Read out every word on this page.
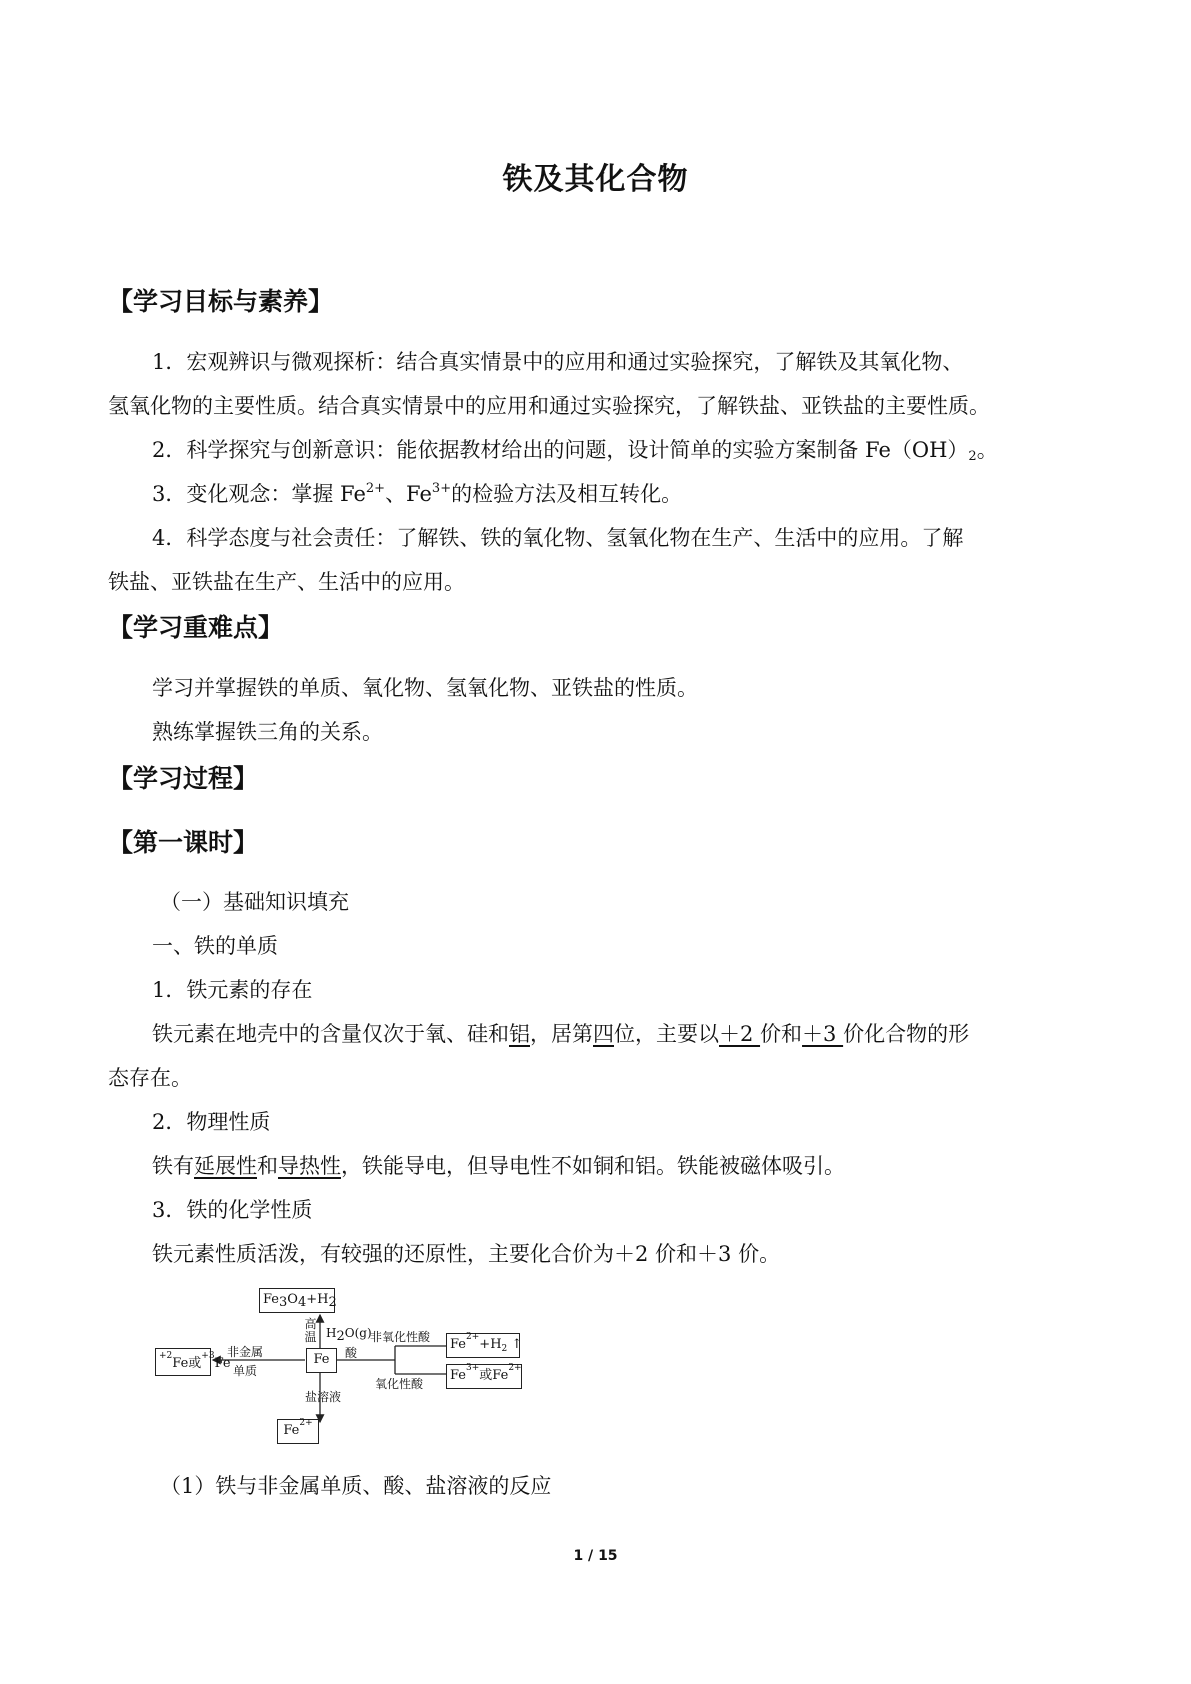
铁及其化合物
【学习目标与素养】
1．宏观辨识与微观探析：结合真实情景中的应用和通过实验探究，了解铁及其氧化物、
氢氧化物的主要性质。结合真实情景中的应用和通过实验探究，了解铁盐、亚铁盐的主要性质。
2．科学探究与创新意识：能依据教材给出的问题，设计简单的实验方案制备 $Fe(OH)_2$。
3．变化观念：掌握 $Fe^{2+}$、$Fe^{3+}$的检验方法及相互转化。
4．科学态度与社会责任：了解铁、铁的氧化物、氢氧化物在生产、生活中的应用。了解
铁盐、亚铁盐在生产、生活中的应用。
【学习重难点】
学习并掌握铁的单质、氧化物、氢氧化物、亚铁盐的性质。
熟练掌握铁三角的关系。
【学习过程】
【第一课时】
（一）基础知识填充
一、铁的单质
1．铁元素的存在
铁元素在地壳中的含量仅次于氧、硅和铝，居第四位，主要以＋2 价和＋3 价化合物的形
态存在。
2．物理性质
铁有延展性和导热性，铁能导电，但导电性不如铜和铝。铁能被磁体吸引。
3．铁的化学性质
铁元素性质活泼，有较强的还原性，主要化合价为＋2 价和＋3 价。
Fe
$Fe_3O_4+H_2$
高温 $H_2O(g)$
$^{+2}$Fe或$^{+3}$Fe
非金属
单质
酸
非氧化性酸
氧化性酸
$Fe^{2+}+H_2$ ↑
$Fe^{3+}$或$Fe^{2+}$
盐溶液
$Fe^{2+}$
（1）铁与非金属单质、酸、盐溶液的反应
1 / 15
